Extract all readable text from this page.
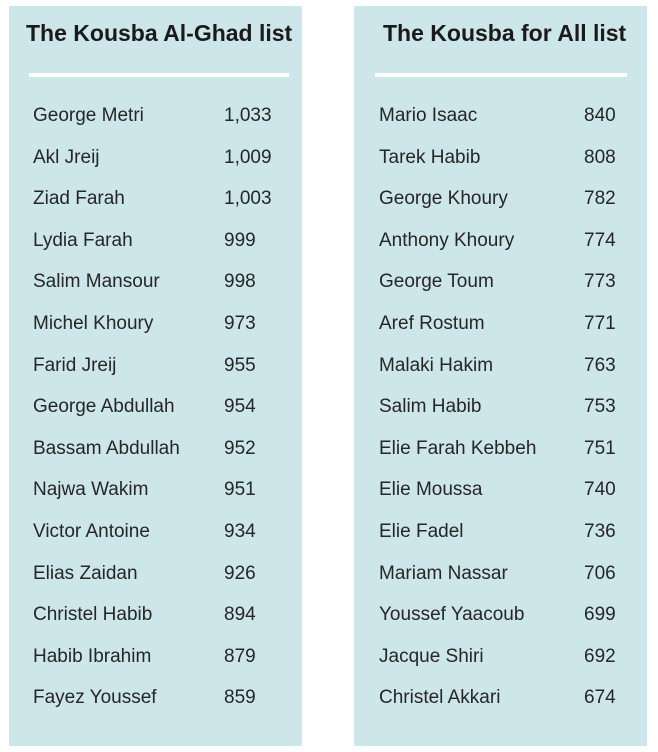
The Kousba Al-Ghad list
George Metri	1,033
Akl Jreij	1,009
Ziad Farah	1,003
Lydia Farah	999
Salim Mansour	998
Michel Khoury	973
Farid Jreij	955
George Abdullah	954
Bassam Abdullah 952
Najwa Wakim	951
Victor Antoine	934
Elias Zaidan	926
Christel Habib	894
Habib Ibrahim	879
Fayez Youssef	859
The Kousba for All list
Mario Isaac	840
Tarek Habib	808
George Khoury	782
Anthony Khoury	774
George Toum	773
Aref Rostum	771
Malaki Hakim	763
Salim Habib	753
Elie Farah Kebbeh	751
Elie Moussa	740
Elie Fadel	736
Mariam Nassar	706
Youssef Yaacoub	699
Jacque Shiri	692
Christel Akkari	674
